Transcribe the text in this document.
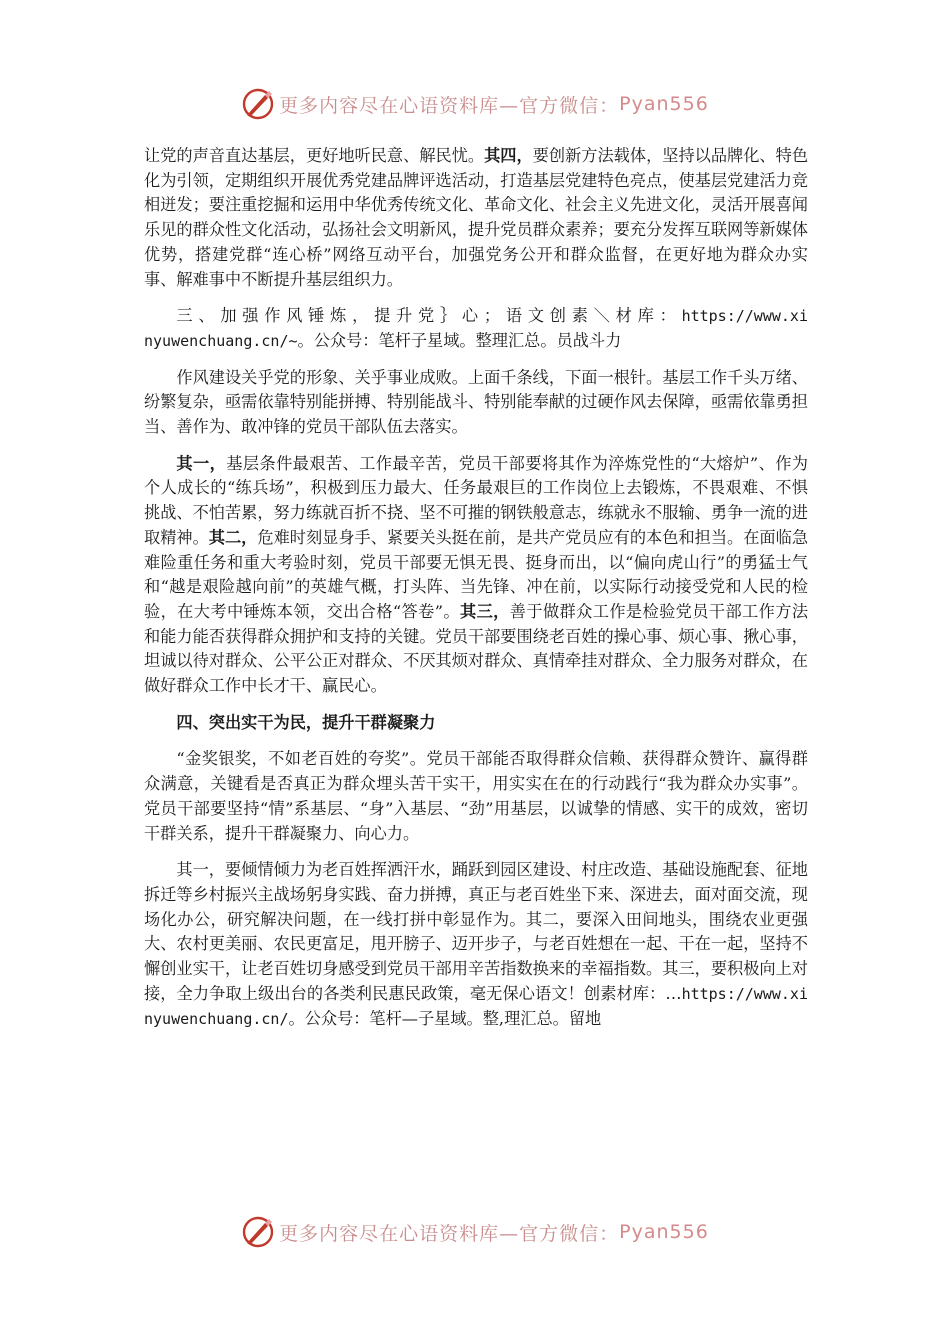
更多内容尽在心语资料库—官方微信： Pyan556

让党的声音直达基层，更好地听民意、解民忧。其四，要创新方法载体，坚持以品牌化、特色化为引领，定期组织开展优秀党建品牌评选活动，打造基层党建特色亮点，使基层党建活力竞相迸发；要注重挖掘和运用中华优秀传统文化、革命文化、社会主义先进文化，灵活开展喜闻乐见的群众性文化活动，弘扬社会文明新风，提升党员群众素养；要充分发挥互联网等新媒体优势，搭建党群“连心桥”网络互动平台，加强党务公开和群众监督，在更好地为群众办实事、解难事中不断提升基层组织力。

三、加强作风锤炼，提升党｝心；语文创素＼材库：https://www.xinyuwenchuang.cn/~。公众号：笔杆子星域。整理汇总。员战斗力

作风建设关乎党的形象、关乎事业成败。上面千条线，下面一根针。基层工作千头万绪、纷繁复杂，亟需依靠特别能拼搏、特别能战斗、特别能奉献的过硬作风去保障，亟需依靠勇担当、善作为、敢冲锋的党员干部队伍去落实。

其一，基层条件最艰苦、工作最辛苦，党员干部要将其作为淬炼党性的“大熔炉”、作为个人成长的“练兵场”，积极到压力最大、任务最艰巨的工作岗位上去锻炼，不畏艰难、不惧挑战、不怕苦累，努力练就百折不挠、坚不可摧的钢铁般意志，练就永不服输、勇争一流的进取精神。其二，危难时刻显身手、紧要关头挺在前，是共产党员应有的本色和担当。在面临急难险重任务和重大考验时刻，党员干部要无惧无畏、挺身而出，以“偏向虎山行”的勇猛士气和“越是艰险越向前”的英雄气概，打头阵、当先锋、冲在前，以实际行动接受党和人民的检验，在大考中锤炼本领，交出合格“答卷”。其三，善于做群众工作是检验党员干部工作方法和能力能否获得群众拥护和支持的关键。党员干部要围绕老百姓的操心事、烦心事、揪心事，坦诚以待对群众、公平公正对群众、不厌其烦对群众、真情牵挂对群众、全力服务对群众，在做好群众工作中长才干、赢民心。

四、突出实干为民，提升干群凝聚力

“金奖银奖，不如老百姓的夸奖”。党员干部能否取得群众信赖、获得群众赞许、赢得群众满意，关键看是否真正为群众埋头苦干实干，用实实在在的行动践行“我为群众办实事”。党员干部要坚持“情”系基层、“身”入基层、“劲”用基层，以诚挚的情感、实干的成效，密切干群关系，提升干群凝聚力、向心力。

其一，要倾情倾力为老百姓挥洒汗水，踊跃到园区建设、村庄改造、基础设施配套、征地拆迁等乡村振兴主战场躬身实践、奋力拼搏，真正与老百姓坐下来、深进去，面对面交流，现场化办公，研究解决问题，在一线打拼中彰显作为。其二，要深入田间地头，围绕农业更强大、农村更美丽、农民更富足，甩开膀子、迈开步子，与老百姓想在一起、干在一起，坚持不懈创业实干，让老百姓切身感受到党员干部用辛苦指数换来的幸福指数。其三，要积极向上对接，全力争取上级出台的各类利民惠民政策，毫无保心语文！创素材库：…https://www.xinyuwenchuang.cn/。公众号：笔杆—子星域。整,理汇总。留地

更多内容尽在心语资料库—官方微信： Pyan556
